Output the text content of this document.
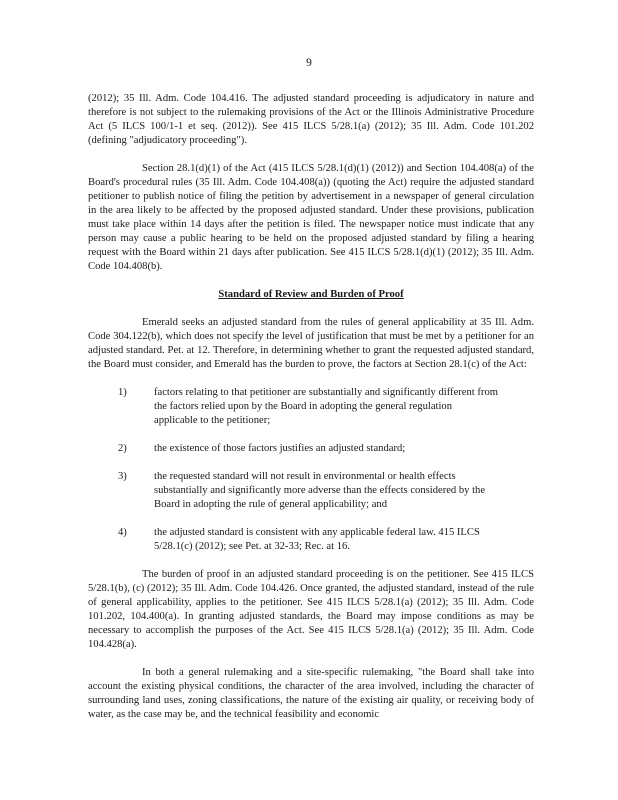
9

(2012); 35 Ill. Adm. Code 104.416. The adjusted standard proceeding is adjudicatory in nature and therefore is not subject to the rulemaking provisions of the Act or the Illinois Administrative Procedure Act (5 ILCS 100/1-1 et seq. (2012)). See 415 ILCS 5/28.1(a) (2012); 35 Ill. Adm. Code 101.202 (defining "adjudicatory proceeding").

Section 28.1(d)(1) of the Act (415 ILCS 5/28.1(d)(1) (2012)) and Section 104.408(a) of the Board's procedural rules (35 Ill. Adm. Code 104.408(a)) (quoting the Act) require the adjusted standard petitioner to publish notice of filing the petition by advertisement in a newspaper of general circulation in the area likely to be affected by the proposed adjusted standard. Under these provisions, publication must take place within 14 days after the petition is filed. The newspaper notice must indicate that any person may cause a public hearing to be held on the proposed adjusted standard by filing a hearing request with the Board within 21 days after publication. See 415 ILCS 5/28.1(d)(1) (2012); 35 Ill. Adm. Code 104.408(b).

Standard of Review and Burden of Proof

Emerald seeks an adjusted standard from the rules of general applicability at 35 Ill. Adm. Code 304.122(b), which does not specify the level of justification that must be met by a petitioner for an adjusted standard. Pet. at 12. Therefore, in determining whether to grant the requested adjusted standard, the Board must consider, and Emerald has the burden to prove, the factors at Section 28.1(c) of the Act:

1)	factors relating to that petitioner are substantially and significantly different from the factors relied upon by the Board in adopting the general regulation applicable to the petitioner;
2)	the existence of those factors justifies an adjusted standard;
3)	the requested standard will not result in environmental or health effects substantially and significantly more adverse than the effects considered by the Board in adopting the rule of general applicability; and
4)	the adjusted standard is consistent with any applicable federal law. 415 ILCS 5/28.1(c) (2012); see Pet. at 32-33; Rec. at 16.

The burden of proof in an adjusted standard proceeding is on the petitioner. See 415 ILCS 5/28.1(b), (c) (2012); 35 Ill. Adm. Code 104.426. Once granted, the adjusted standard, instead of the rule of general applicability, applies to the petitioner. See 415 ILCS 5/28.1(a) (2012); 35 Ill. Adm. Code 101.202, 104.400(a). In granting adjusted standards, the Board may impose conditions as may be necessary to accomplish the purposes of the Act. See 415 ILCS 5/28.1(a) (2012); 35 Ill. Adm. Code 104.428(a).

In both a general rulemaking and a site-specific rulemaking, "the Board shall take into account the existing physical conditions, the character of the area involved, including the character of surrounding land uses, zoning classifications, the nature of the existing air quality, or receiving body of water, as the case may be, and the technical feasibility and economic
